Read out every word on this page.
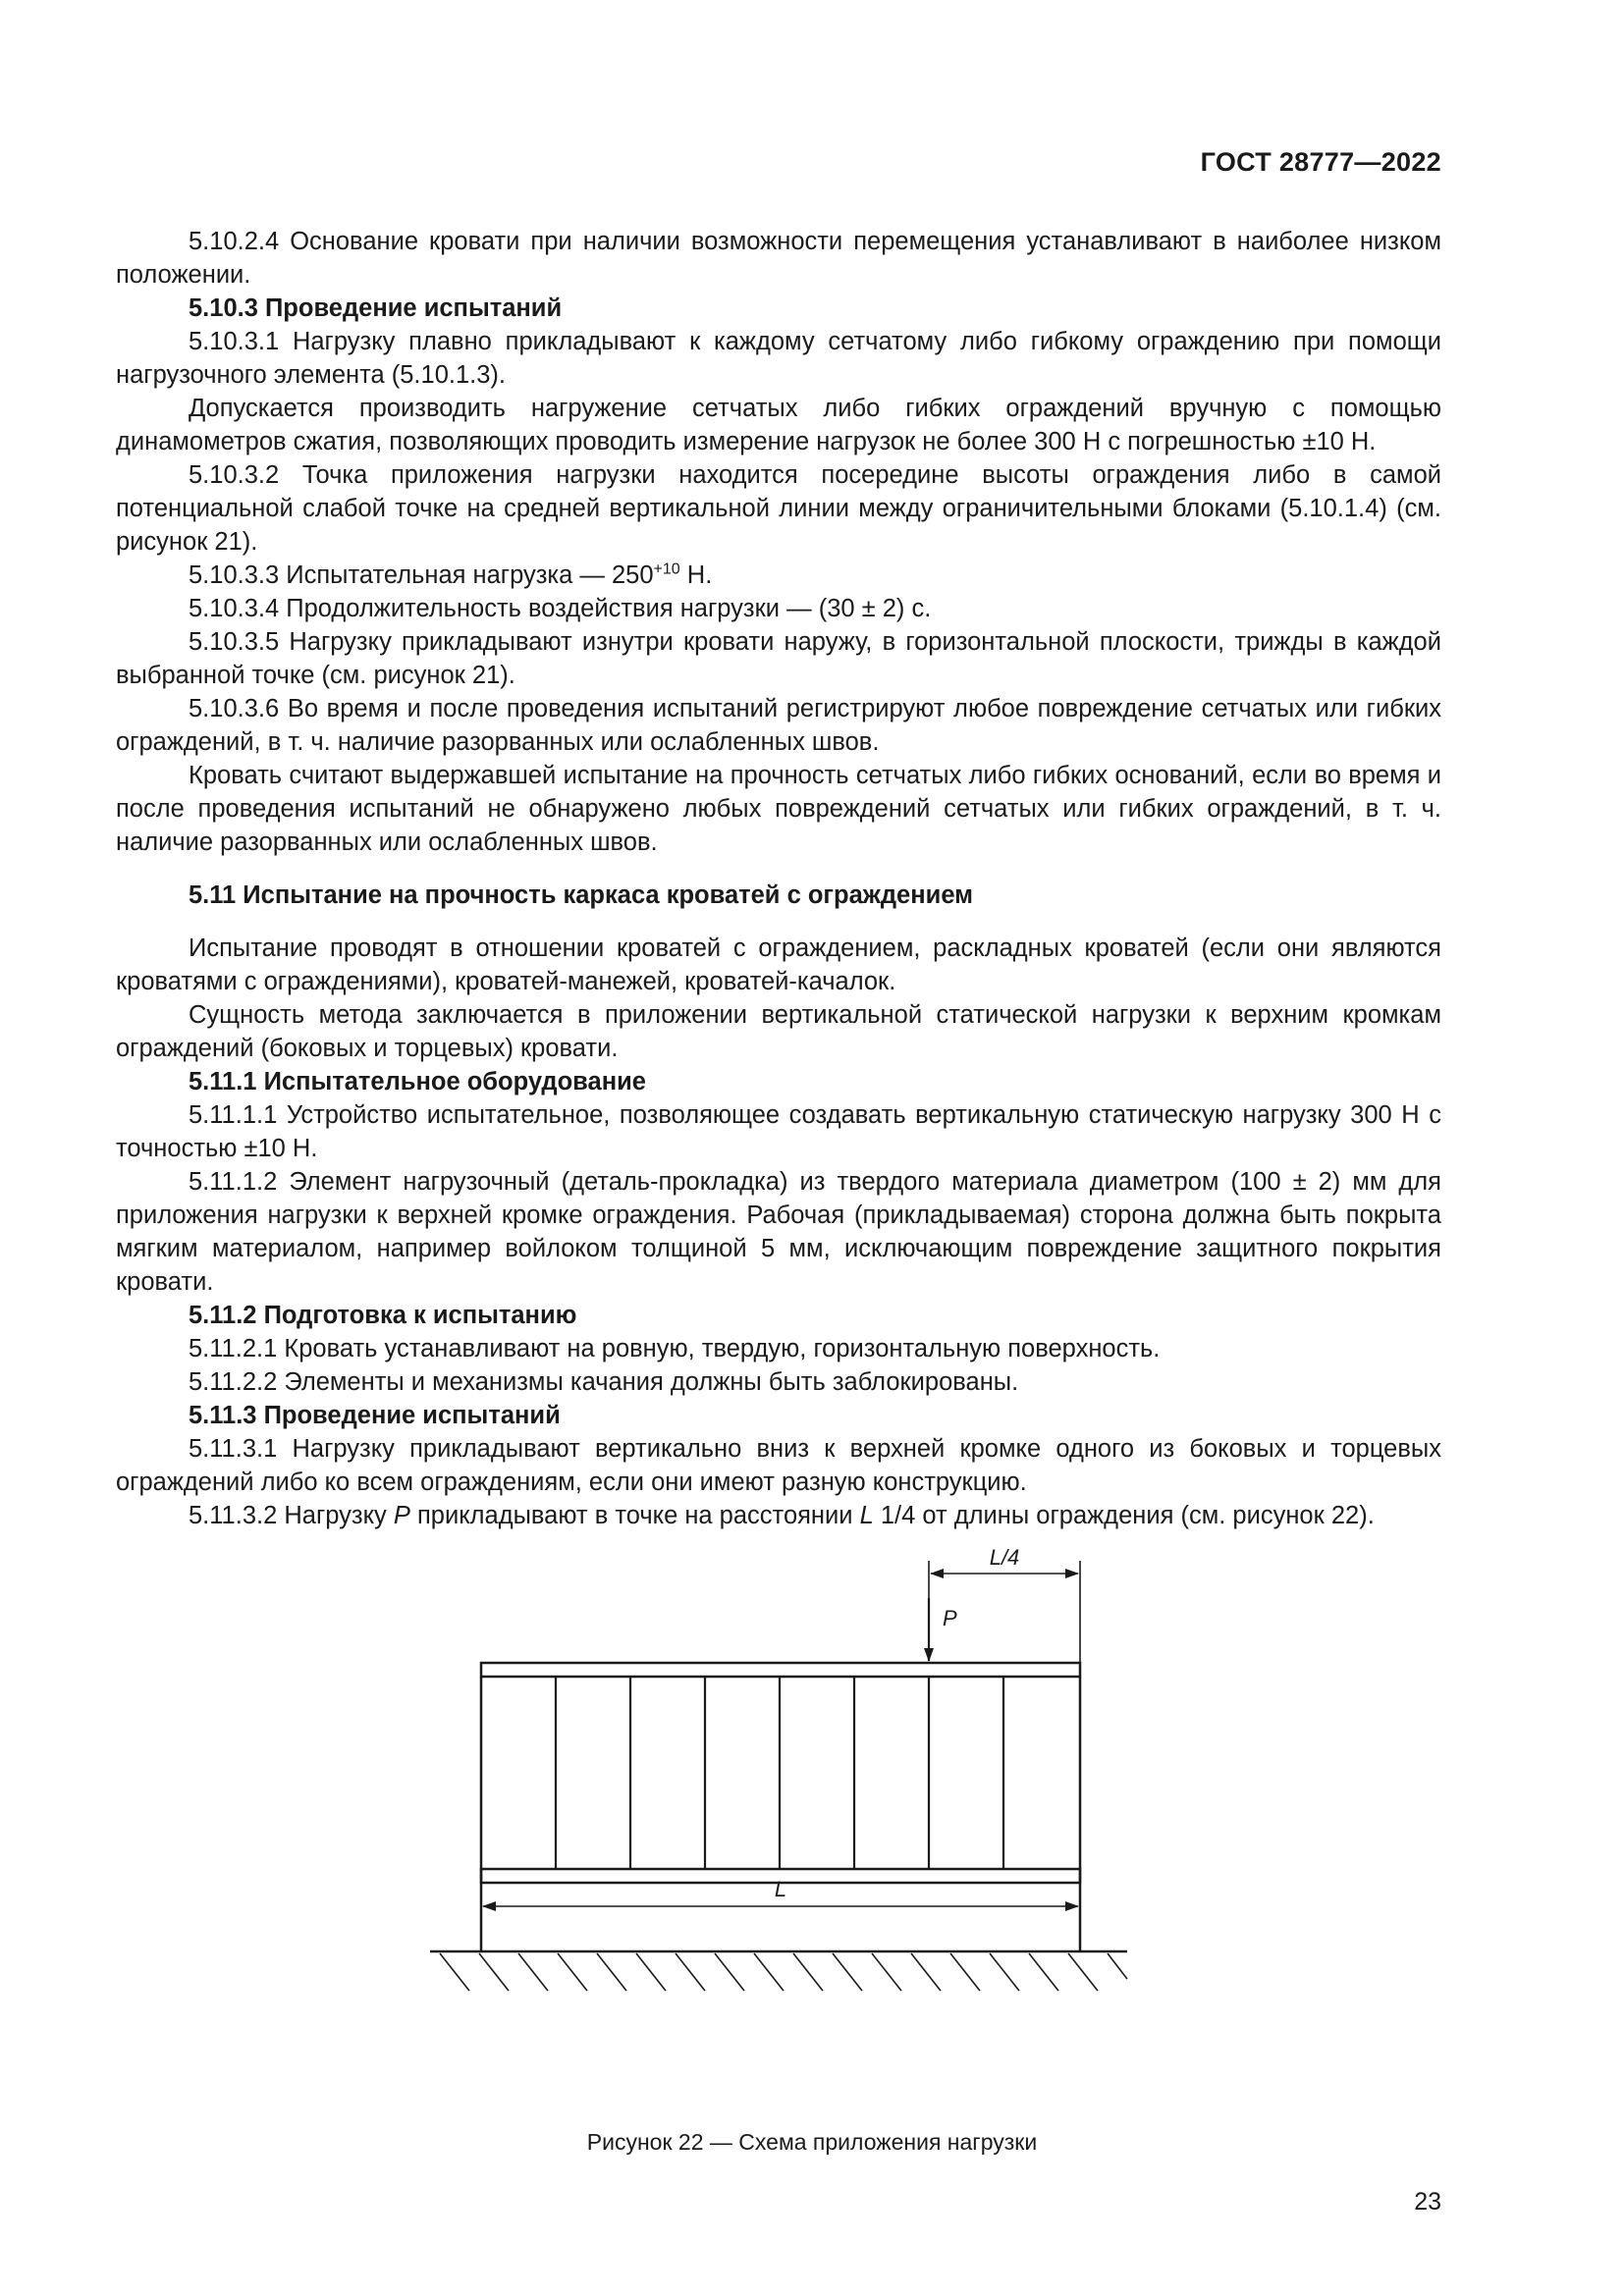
ГОСТ 28777—2022

5.10.2.4 Основание кровати при наличии возможности перемещения устанавливают в наиболее низком положении.

5.10.3 Проведение испытаний

5.10.3.1 Нагрузку плавно прикладывают к каждому сетчатому либо гибкому ограждению при помощи нагрузочного элемента (5.10.1.3).

Допускается производить нагружение сетчатых либо гибких ограждений вручную с помощью динамометров сжатия, позволяющих проводить измерение нагрузок не более 300 Н с погрешностью ±10 Н.

5.10.3.2 Точка приложения нагрузки находится посередине высоты ограждения либо в самой потенциальной слабой точке на средней вертикальной линии между ограничительными блоками (5.10.1.4) (см. рисунок 21).

5.10.3.3 Испытательная нагрузка — $250^{+10}$ Н.

5.10.3.4 Продолжительность воздействия нагрузки — (30 ± 2) с.

5.10.3.5 Нагрузку прикладывают изнутри кровати наружу, в горизонтальной плоскости, трижды в каждой выбранной точке (см. рисунок 21).

5.10.3.6 Во время и после проведения испытаний регистрируют любое повреждение сетчатых или гибких ограждений, в т. ч. наличие разорванных или ослабленных швов.

Кровать считают выдержавшей испытание на прочность сетчатых либо гибких оснований, если во время и после проведения испытаний не обнаружено любых повреждений сетчатых или гибких ограждений, в т. ч. наличие разорванных или ослабленных швов.

5.11 Испытание на прочность каркаса кроватей с ограждением

Испытание проводят в отношении кроватей с ограждением, раскладных кроватей (если они являются кроватями с ограждениями), кроватей-манежей, кроватей-качалок.

Сущность метода заключается в приложении вертикальной статической нагрузки к верхним кромкам ограждений (боковых и торцевых) кровати.

5.11.1 Испытательное оборудование

5.11.1.1 Устройство испытательное, позволяющее создавать вертикальную статическую нагрузку 300 Н с точностью ±10 Н.

5.11.1.2 Элемент нагрузочный (деталь-прокладка) из твердого материала диаметром (100 ± 2) мм для приложения нагрузки к верхней кромке ограждения. Рабочая (прикладываемая) сторона должна быть покрыта мягким материалом, например войлоком толщиной 5 мм, исключающим повреждение защитного покрытия кровати.

5.11.2 Подготовка к испытанию

5.11.2.1 Кровать устанавливают на ровную, твердую, горизонтальную поверхность.

5.11.2.2 Элементы и механизмы качания должны быть заблокированы.

5.11.3 Проведение испытаний

5.11.3.1 Нагрузку прикладывают вертикально вниз к верхней кромке одного из боковых и торцевых ограждений либо ко всем ограждениям, если они имеют разную конструкцию.

5.11.3.2 Нагрузку P прикладывают в точке на расстоянии L 1/4 от длины ограждения (см. рисунок 22).

L/4
P
L
Рисунок 22 — Схема приложения нагрузки
23
